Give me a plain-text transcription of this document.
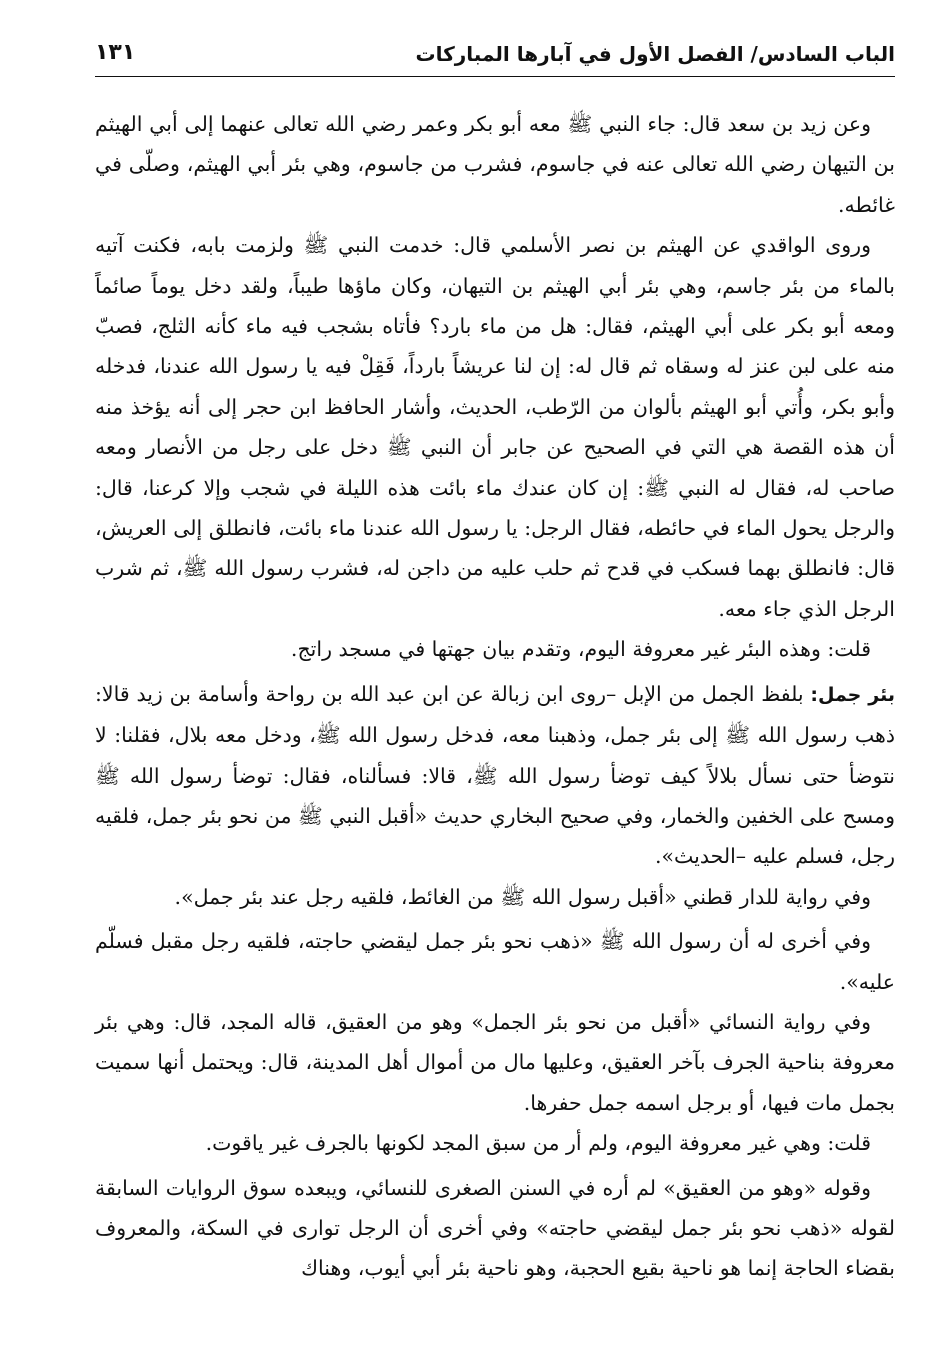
الباب السادس/ الفصل الأول في آبارها المباركات
١٣١

وعن زيد بن سعد قال: جاء النبي ﷺ معه أبو بكر وعمر رضي الله تعالى عنهما إلى أبي الهيثم بن التيهان رضي الله تعالى عنه في جاسوم، فشرب من جاسوم، وهي بئر أبي الهيثم، وصلّى في غائطه.

وروى الواقدي عن الهيثم بن نصر الأسلمي قال: خدمت النبي ﷺ ولزمت بابه، فكنت آتيه بالماء من بئر جاسم، وهي بئر أبي الهيثم بن التيهان، وكان ماؤها طيباً، ولقد دخل يوماً صائماً ومعه أبو بكر على أبي الهيثم، فقال: هل من ماء بارد؟ فأتاه بشجب فيه ماء كأنه الثلج، فصبّ منه على لبن عنز له وسقاه ثم قال له: إن لنا عريشاً بارداً، فَقِلْ فيه يا رسول الله عندنا، فدخله وأبو بكر، وأُتي أبو الهيثم بألوان من الرّطب، الحديث، وأشار الحافظ ابن حجر إلى أنه يؤخذ منه أن هذه القصة هي التي في الصحيح عن جابر أن النبي ﷺ دخل على رجل من الأنصار ومعه صاحب له، فقال له النبي ﷺ: إن كان عندك ماء بائت هذه الليلة في شجب وإلا كرعنا، قال: والرجل يحول الماء في حائطه، فقال الرجل: يا رسول الله عندنا ماء بائت، فانطلق إلى العريش، قال: فانطلق بهما فسكب في قدح ثم حلب عليه من داجن له، فشرب رسول الله ﷺ، ثم شرب الرجل الذي جاء معه.

قلت: وهذه البئر غير معروفة اليوم، وتقدم بيان جهتها في مسجد راتج.

بئر جمل: بلفظ الجمل من الإبل –روى ابن زبالة عن ابن عبد الله بن رواحة وأسامة بن زيد قالا: ذهب رسول الله ﷺ إلى بئر جمل، وذهبنا معه، فدخل رسول الله ﷺ، ودخل معه بلال، فقلنا: لا نتوضأ حتى نسأل بلالاً كيف توضأ رسول الله ﷺ، قالا: فسألناه، فقال: توضأ رسول الله ﷺ ومسح على الخفين والخمار، وفي صحيح البخاري حديث «أقبل النبي ﷺ من نحو بئر جمل، فلقيه رجل، فسلم عليه –الحديث».

وفي رواية للدار قطني «أقبل رسول الله ﷺ من الغائط، فلقيه رجل عند بئر جمل».

وفي أخرى له أن رسول الله ﷺ «ذهب نحو بئر جمل ليقضي حاجته، فلقيه رجل مقبل فسلّم عليه».

وفي رواية النسائي «أقبل من نحو بئر الجمل» وهو من العقيق، قاله المجد، قال: وهي بئر معروفة بناحية الجرف بآخر العقيق، وعليها مال من أموال أهل المدينة، قال: ويحتمل أنها سميت بجمل مات فيها، أو برجل اسمه جمل حفرها.

قلت: وهي غير معروفة اليوم، ولم أر من سبق المجد لكونها بالجرف غير ياقوت.

وقوله «وهو من العقيق» لم أره في السنن الصغرى للنسائي، ويبعده سوق الروايات السابقة لقوله «ذهب نحو بئر جمل ليقضي حاجته» وفي أخرى أن الرجل توارى في السكة، والمعروف بقضاء الحاجة إنما هو ناحية بقيع الحجبة، وهو ناحية بئر أبي أيوب، وهناك
